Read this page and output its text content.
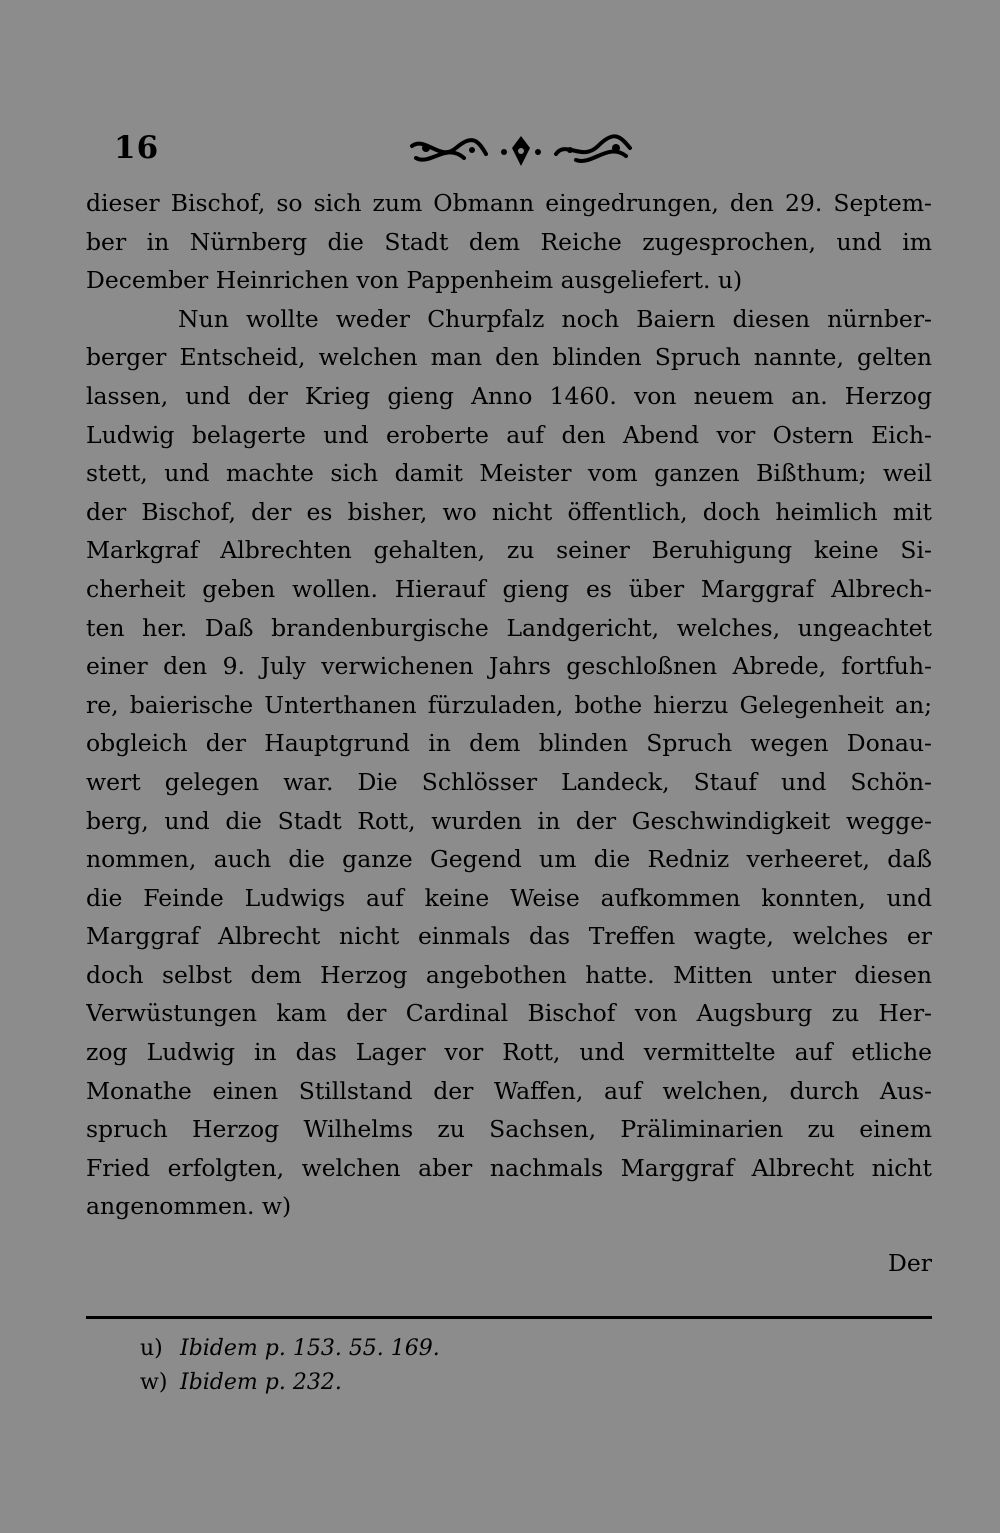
16
dieser Bischof, so sich zum Obmann eingedrungen, den 29. Septem-
ber in Nürnberg die Stadt dem Reiche zugesprochen, und im
December Heinrichen von Pappenheim ausgeliefert. u)
Nun wollte weder Churpfalz noch Baiern diesen nürnber-
berger Entscheid, welchen man den blinden Spruch nannte, gelten
lassen, und der Krieg gieng Anno 1460. von neuem an. Herzog
Ludwig belagerte und eroberte auf den Abend vor Ostern Eich-
stett, und machte sich damit Meister vom ganzen Bißthum; weil
der Bischof, der es bisher, wo nicht öffentlich, doch heimlich mit
Markgraf Albrechten gehalten, zu seiner Beruhigung keine Si-
cherheit geben wollen. Hierauf gieng es über Marggraf Albrech-
ten her. Daß brandenburgische Landgericht, welches, ungeachtet
einer den 9. July verwichenen Jahrs geschloßnen Abrede, fortfuh-
re, baierische Unterthanen fürzuladen, bothe hierzu Gelegenheit an;
obgleich der Hauptgrund in dem blinden Spruch wegen Donau-
wert gelegen war. Die Schlösser Landeck, Stauf und Schön-
berg, und die Stadt Rott, wurden in der Geschwindigkeit wegge-
nommen, auch die ganze Gegend um die Redniz verheeret, daß
die Feinde Ludwigs auf keine Weise aufkommen konnten, und
Marggraf Albrecht nicht einmals das Treffen wagte, welches er
doch selbst dem Herzog angebothen hatte. Mitten unter diesen
Verwüstungen kam der Cardinal Bischof von Augsburg zu Her-
zog Ludwig in das Lager vor Rott, und vermittelte auf etliche
Monathe einen Stillstand der Waffen, auf welchen, durch Aus-
spruch Herzog Wilhelms zu Sachsen, Präliminarien zu einem
Fried erfolgten, welchen aber nachmals Marggraf Albrecht nicht
angenommen. w)
Der
u) Ibidem p. 153. 55. 169.
w) Ibidem p. 232.
